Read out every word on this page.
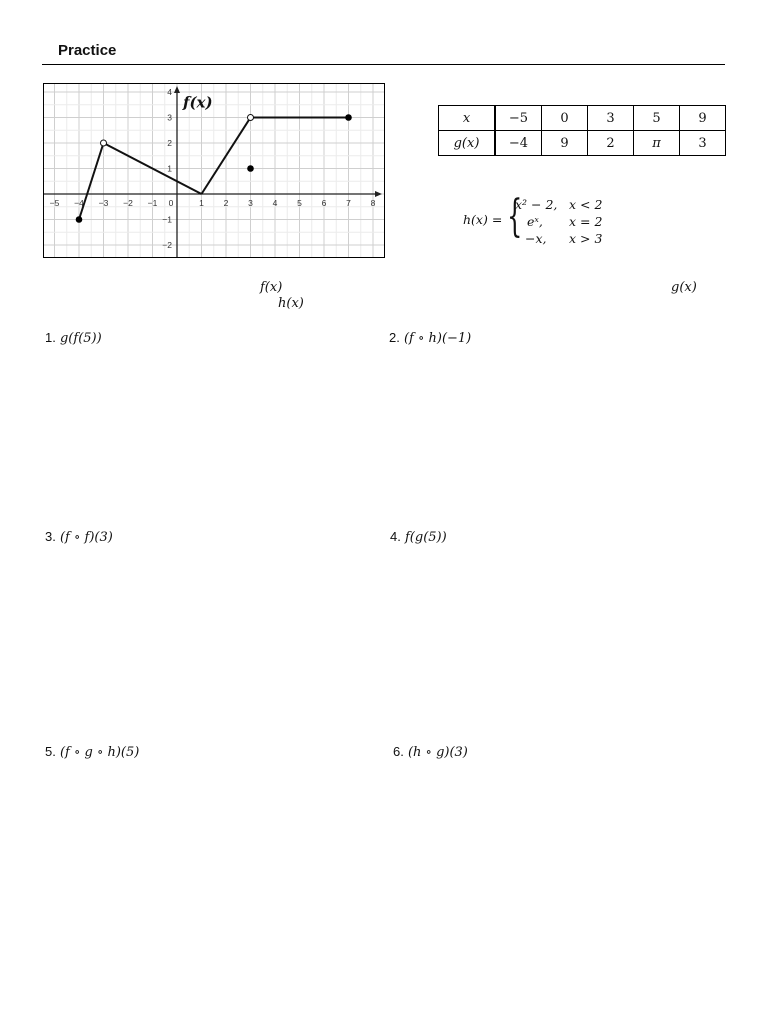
Practice
−5 −4 −3 −2 −1 0	1 2 3 4 5 6 7 8
4
3
2
1
−1
−2
f(x)
x	−5	0	3	5	9
g(x)	−4	9	2	π	3
h(x) = {
x² − 2, x < 2
eˣ, x = 2
−x, x > 3
f(x)
h(x)
g(x)
1. g(f(5))	2. (f ∘ h)(−1)
3. (f ∘ f)(3)	4. f(g(5))
5. (f ∘ g ∘ h)(5)	6. (h ∘ g)(3)
